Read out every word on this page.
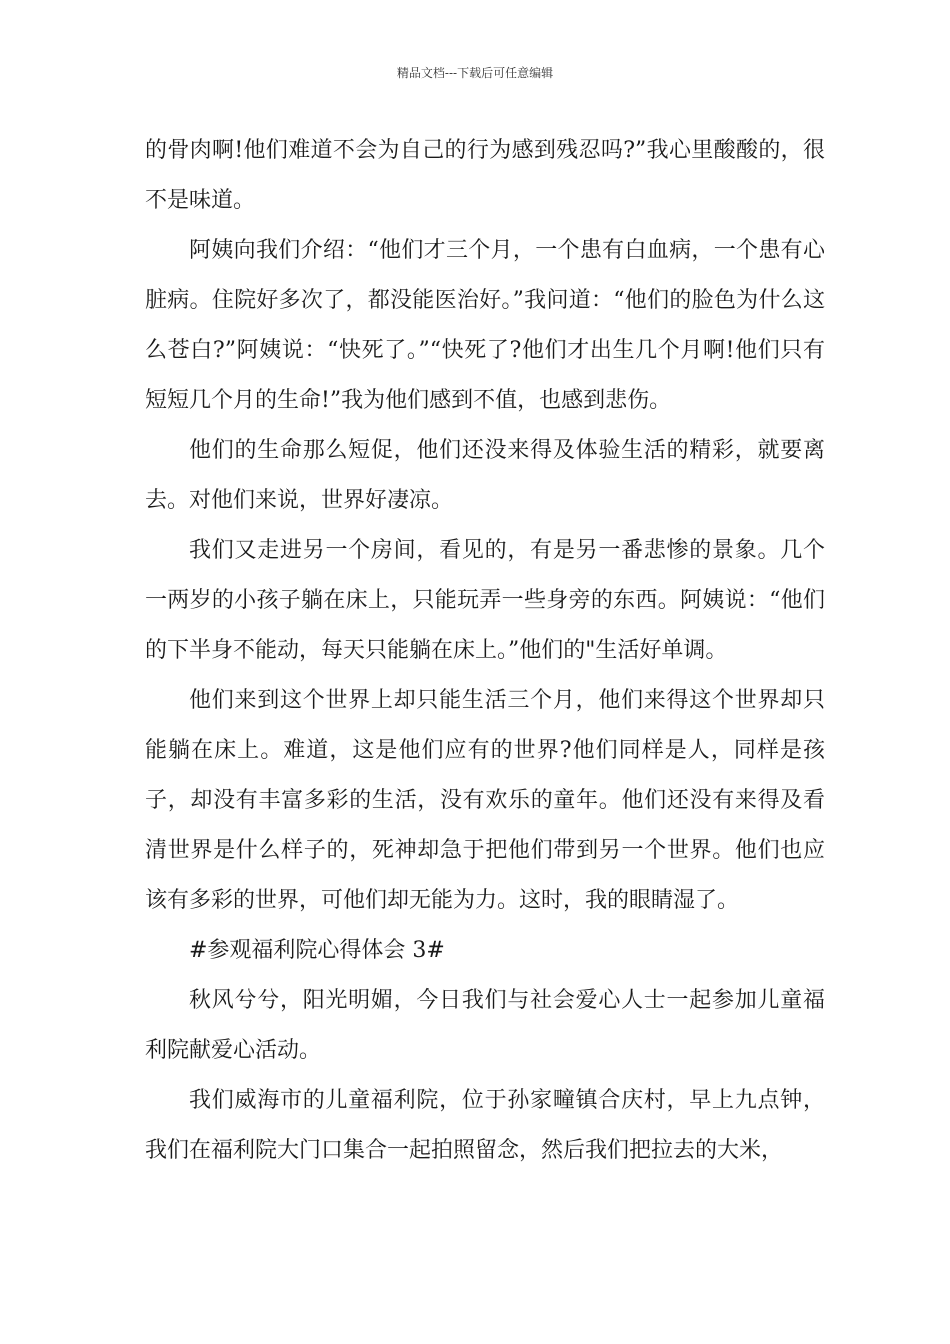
精品文档---下载后可任意编辑

的骨肉啊!他们难道不会为自己的行为感到残忍吗?”我心里酸酸的，很不是味道。

阿姨向我们介绍：“他们才三个月，一个患有白血病，一个患有心脏病。住院好多次了，都没能医治好。”我问道：“他们的脸色为什么这么苍白?”阿姨说：“快死了。”“快死了?他们才出生几个月啊!他们只有短短几个月的生命!”我为他们感到不值，也感到悲伤。

他们的生命那么短促，他们还没来得及体验生活的精彩，就要离去。对他们来说，世界好凄凉。

我们又走进另一个房间，看见的，有是另一番悲惨的景象。几个一两岁的小孩子躺在床上，只能玩弄一些身旁的东西。阿姨说：“他们的下半身不能动，每天只能躺在床上。”他们的"生活好单调。

他们来到这个世界上却只能生活三个月，他们来得这个世界却只能躺在床上。难道，这是他们应有的世界?他们同样是人，同样是孩子，却没有丰富多彩的生活，没有欢乐的童年。他们还没有来得及看清世界是什么样子的，死神却急于把他们带到另一个世界。他们也应该有多彩的世界，可他们却无能为力。这时，我的眼睛湿了。

#参观福利院心得体会 3#

秋风兮兮，阳光明媚，今日我们与社会爱心人士一起参加儿童福利院献爱心活动。

我们威海市的儿童福利院，位于孙家疃镇合庆村，早上九点钟，我们在福利院大门口集合一起拍照留念，然后我们把拉去的大米，
